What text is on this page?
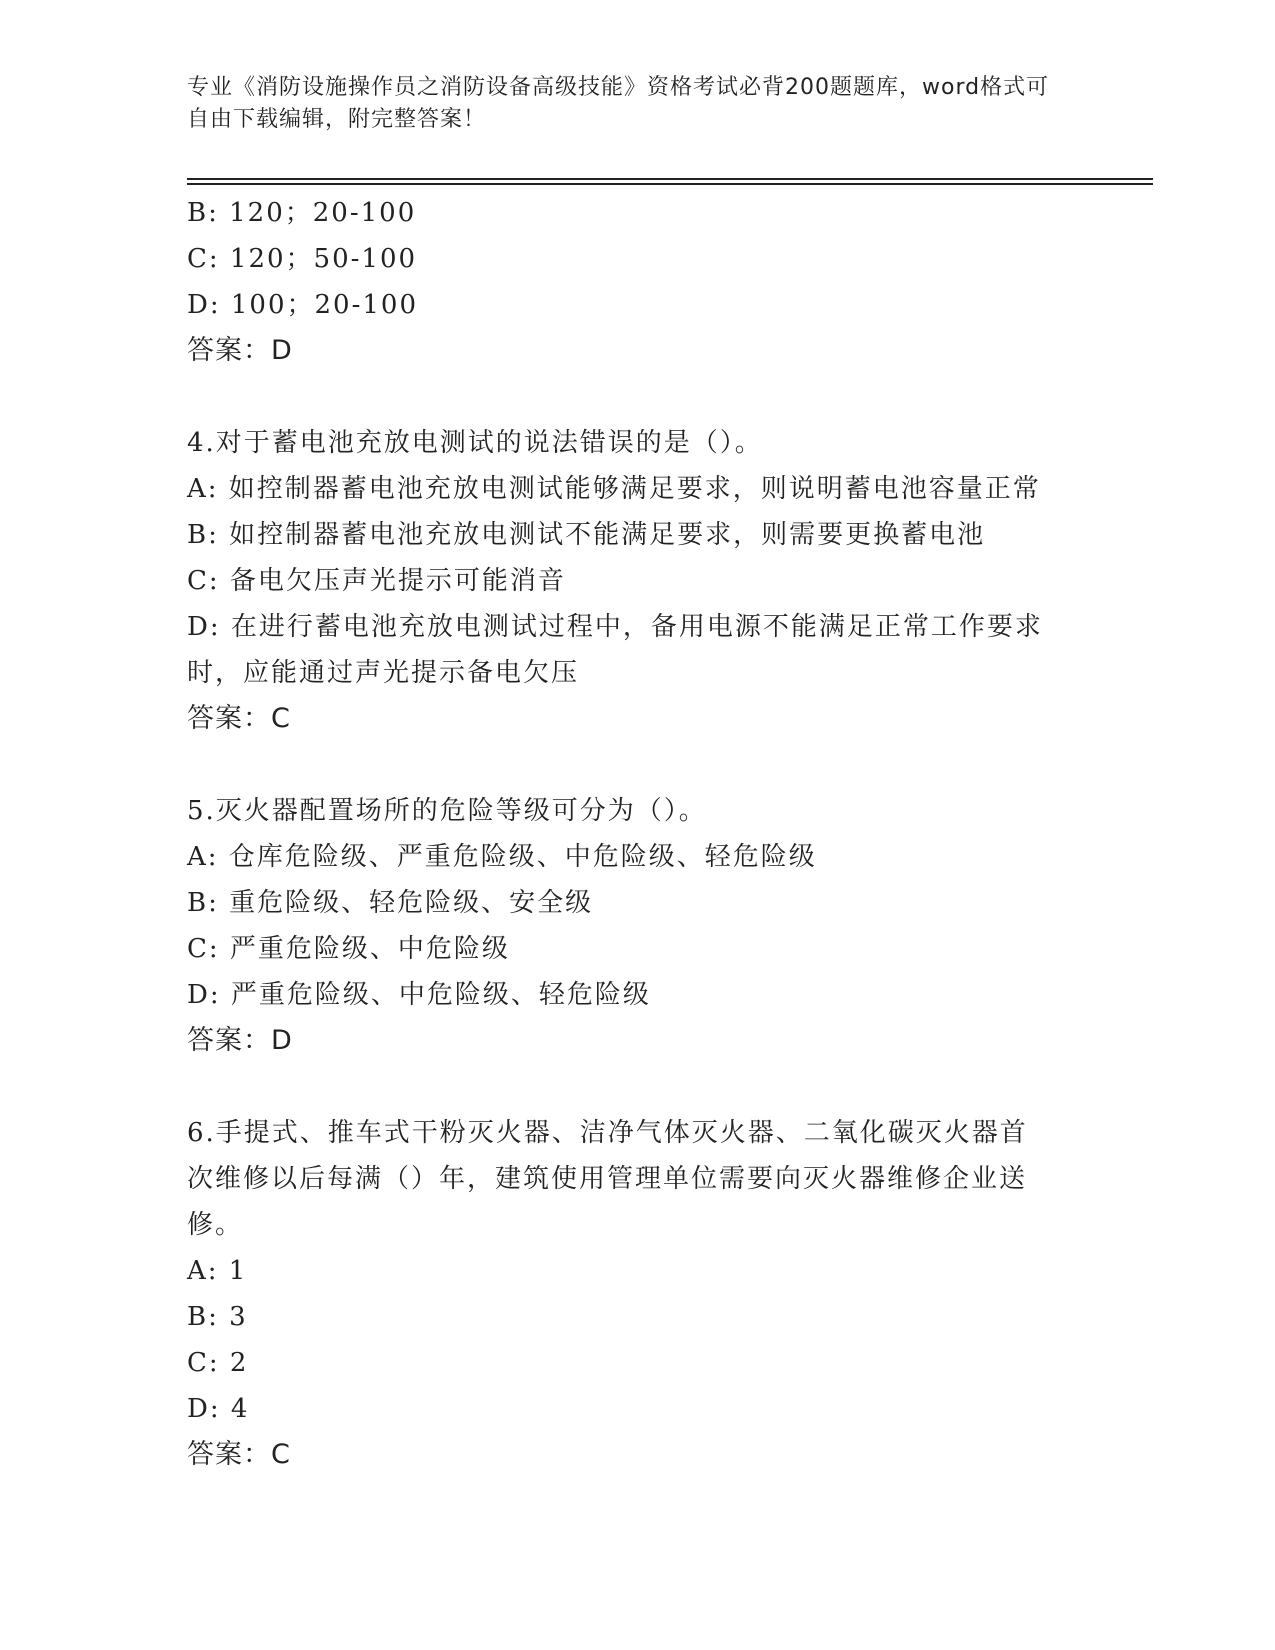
专业《消防设施操作员之消防设备高级技能》资格考试必背200题题库，word格式可自由下载编辑，附完整答案！
B: 120；20-100
C: 120；50-100
D: 100；20-100
答案：D
4.对于蓄电池充放电测试的说法错误的是（）。
A: 如控制器蓄电池充放电测试能够满足要求，则说明蓄电池容量正常
B: 如控制器蓄电池充放电测试不能满足要求，则需要更换蓄电池
C: 备电欠压声光提示可能消音
D: 在进行蓄电池充放电测试过程中，备用电源不能满足正常工作要求
时，应能通过声光提示备电欠压
答案：C
5.灭火器配置场所的危险等级可分为（）。
A: 仓库危险级、严重危险级、中危险级、轻危险级
B: 重危险级、轻危险级、安全级
C: 严重危险级、中危险级
D: 严重危险级、中危险级、轻危险级
答案：D
6.手提式、推车式干粉灭火器、洁净气体灭火器、二氧化碳灭火器首
次维修以后每满（）年，建筑使用管理单位需要向灭火器维修企业送
修。
A: 1
B: 3
C: 2
D: 4
答案：C
